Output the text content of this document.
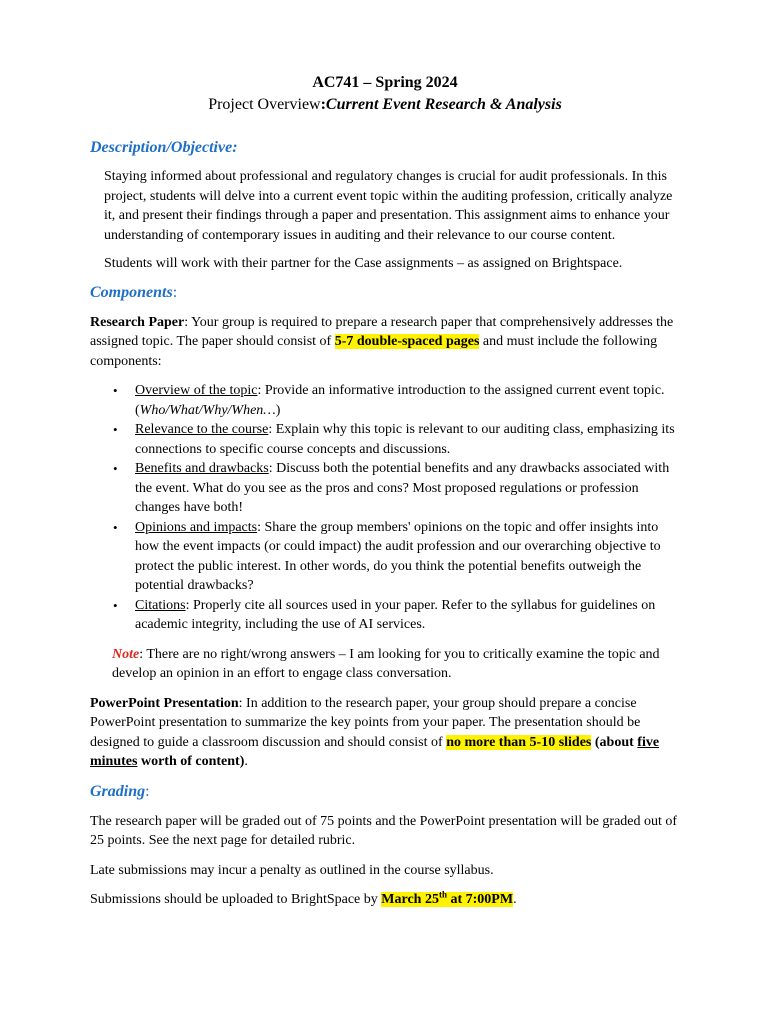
AC741 – Spring 2024
Project Overview:Current Event Research & Analysis
Description/Objective:

Staying informed about professional and regulatory changes is crucial for audit professionals. In this project, students will delve into a current event topic within the auditing profession, critically analyze it, and present their findings through a paper and presentation. This assignment aims to enhance your understanding of contemporary issues in auditing and their relevance to our course content.

Students will work with their partner for the Case assignments – as assigned on Brightspace.

Components:

Research Paper: Your group is required to prepare a research paper that comprehensively addresses the assigned topic. The paper should consist of 5-7 double-spaced pages and must include the following components:

• Overview of the topic: Provide an informative introduction to the assigned current event topic. (Who/What/Why/When…)
• Relevance to the course: Explain why this topic is relevant to our auditing class, emphasizing its connections to specific course concepts and discussions.
• Benefits and drawbacks: Discuss both the potential benefits and any drawbacks associated with the event. What do you see as the pros and cons? Most proposed regulations or profession changes have both!
• Opinions and impacts: Share the group members' opinions on the topic and offer insights into how the event impacts (or could impact) the audit profession and our overarching objective to protect the public interest. In other words, do you think the potential benefits outweigh the potential drawbacks?
• Citations: Properly cite all sources used in your paper. Refer to the syllabus for guidelines on academic integrity, including the use of AI services.

Note: There are no right/wrong answers – I am looking for you to critically examine the topic and develop an opinion in an effort to engage class conversation.

PowerPoint Presentation: In addition to the research paper, your group should prepare a concise PowerPoint presentation to summarize the key points from your paper. The presentation should be designed to guide a classroom discussion and should consist of no more than 5-10 slides (about five minutes worth of content).

Grading:

The research paper will be graded out of 75 points and the PowerPoint presentation will be graded out of 25 points. See the next page for detailed rubric.

Late submissions may incur a penalty as outlined in the course syllabus.

Submissions should be uploaded to BrightSpace by March 25th at 7:00PM.
